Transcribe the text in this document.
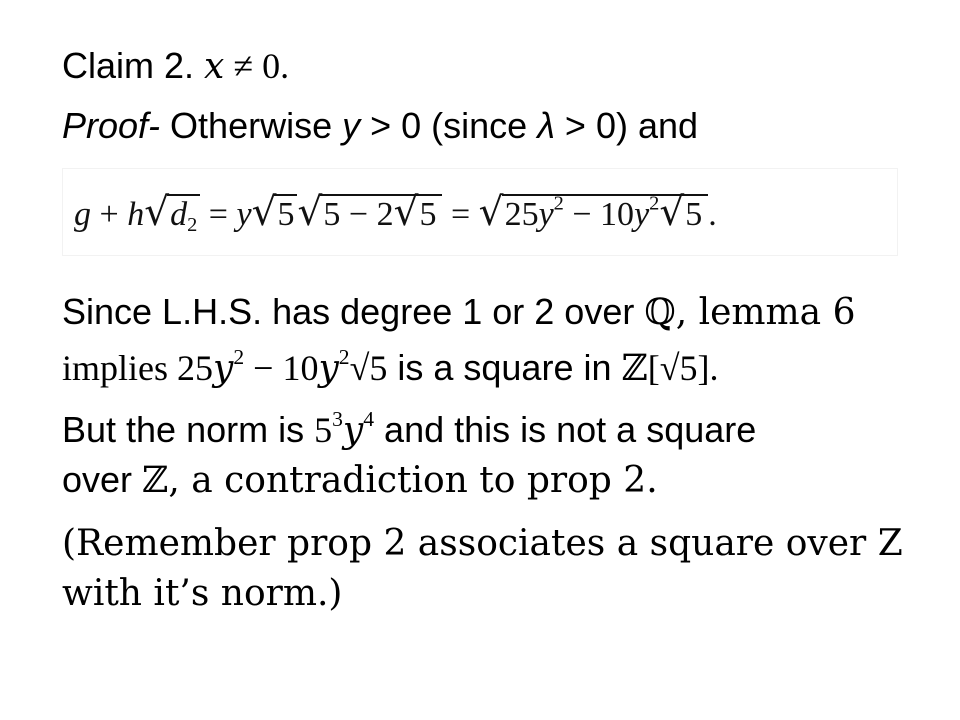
Claim 2. 𝑥 ≠ 0.
Proof- Otherwise y > 0 (since λ > 0) and
$g + h√d_2 = y√5√5 - 2√5 = √25y^2 - 10y^2√5$ .
Since L.H.S. has degree 1 or 2 over ℚ, lemma 6
implies 25𝑦$^2$ − 10𝑦$^2$√5 is a square in ℤ[√5].
But the norm is $5^3𝑦^4$ and this is not a square
over ℤ, a contradiction to prop 2.
(Remember prop 2 associates a square over Z
with it’s norm.)
